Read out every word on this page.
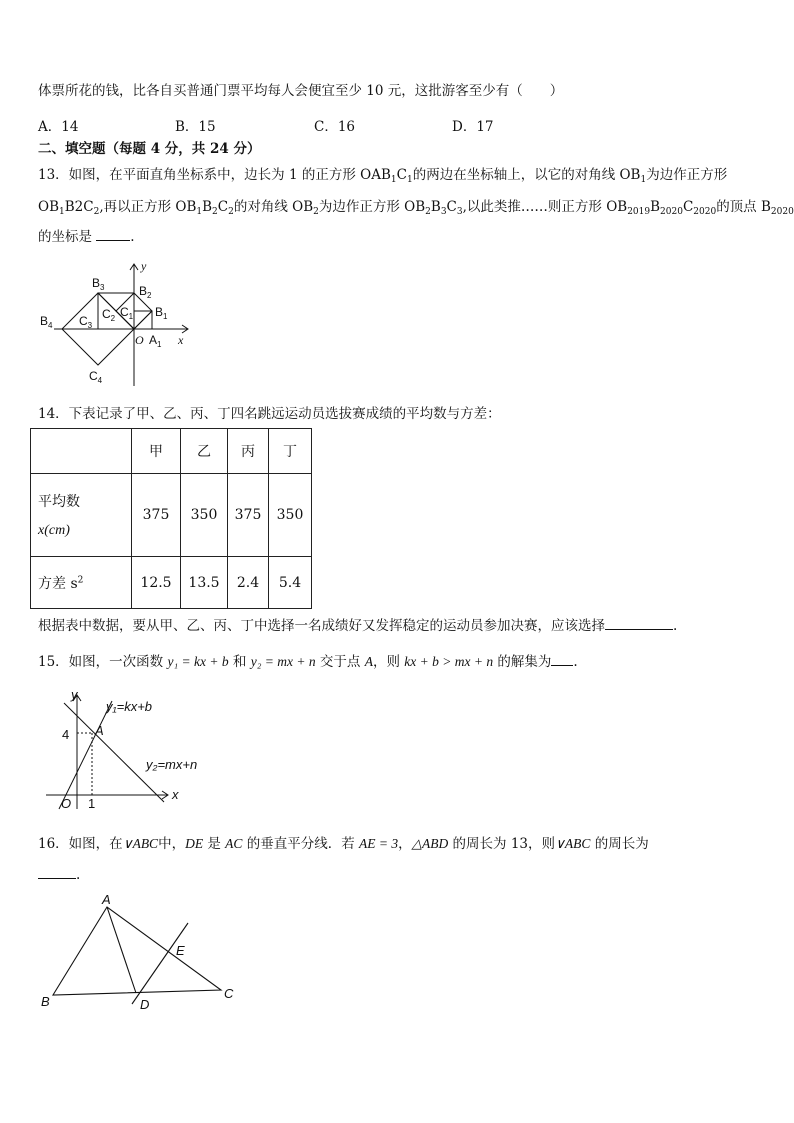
体票所花的钱，比各自买普通门票平均每人会便宜至少 10 元，这批游客至少有（　　）
A．14	B．15	C．16	D．17
二、填空题（每题 4 分，共 24 分）
13．如图，在平面直角坐标系中，边长为 1 的正方形 $OAB_1C_1$的两边在坐标轴上，以它的对角线 $OB_1$为边作正方形
$OB_1B2C_2$,再以正方形 $OB_1B_2C_2$的对角线 $OB_2$为边作正方形 $OB_2B_3C_3$,以此类推……则正方形 $OB_{2019}B_{2020}C_{2020}$的顶点 $B_{2020}$
的坐标是	.
$B_3$	$B_2$
$B_1$
$B_4$
$C_1$
$C_2$
$C_3$
$C_4$
$A_1$
O	x
y
14．下表记录了甲、乙、丙、丁四名跳远运动员选拔赛成绩的平均数与方差：
	甲	乙	丙	丁

平均数
x(cm)	375	350	375	350
方差 $s^2$	12.5	13.5	2.4	5.4
根据表中数据，要从甲、乙、丙、丁中选择一名成绩好又发挥稳定的运动员参加决赛，应该选择	.
15．如图，一次函数 y₁ = kx + b 和 y₂ = mx + n 交于点 A，则 kx + b > mx + n 的解集为 .
y
x
O
4
1
A
y₁=kx+b
y₂=mx+n
16．如图，在∨ABC中，DE 是 AC 的垂直平分线．若 AE = 3，△ABD 的周长为 13，则∨ABC 的周长为
.
A
B
C
D
E
